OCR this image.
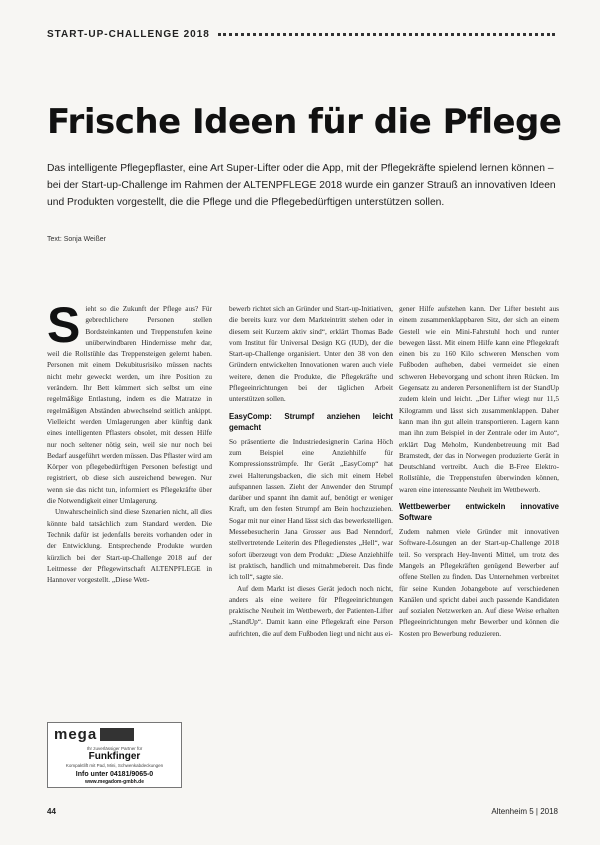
START-UP-CHALLENGE 2018
Frische Ideen für die Pflege

Das intelligente Pflegepflaster, eine Art Super-Lifter oder die App, mit der Pflegekräfte spielend lernen können – bei der Start-up-Challenge im Rahmen der ALTENPFLEGE 2018 wurde ein ganzer Strauß an innovativen Ideen und Produkten vorgestellt, die die Pflege und die Pflegebedürftigen unterstützen sollen.

Text: Sonja Weißer
S ieht so die Zukunft der Pflege aus? Für gebrechlichere Personen stellen Bordsteinkanten und Treppenstufen keine unüberwindbaren Hindernisse mehr dar, weil die Rollstühle das Treppensteigen gelernt haben. Personen mit einem Dekubitusrisiko müssen nachts nicht mehr geweckt werden, um ihre Position zu verändern. Ihr Bett kümmert sich selbst um eine regelmäßige Entlastung, indem es die Matratze in regelmäßigen Abständen abwechselnd seitlich ankippt. Vielleicht werden Umlagerungen aber künftig dank eines intelligenten Pflasters obsolet, mit dessen Hilfe nur noch seltener nötig sein, weil sie nur noch bei Bedarf ausgeführt werden müssen. Das Pflaster wird am Körper von pflegebedürftigen Personen befestigt und registriert, ob diese sich ausreichend bewegen. Nur wenn sie das nicht tun, informiert es Pflegekräfte über die Notwendigkeit einer Umlagerung.

Unwahrscheinlich sind diese Szenarien nicht, all dies könnte bald tatsächlich zum Standard werden. Die Technik dafür ist jedenfalls bereits vorhanden oder in der Entwicklung. Entsprechende Produkte wurden kürzlich bei der Start-up-Challenge 2018 auf der Leitmesse der Pflegewirtschaft ALTENPFLEGE in Hannover vorgestellt. „Diese Wett-

bewerb richtet sich an Gründer und Start-up-Initiativen, die bereits kurz vor dem Markteintritt stehen oder in diesem seit Kurzem aktiv sind“, erklärt Thomas Bade vom Institut für Universal Design KG (IUD), der die Start-up-Challenge organisiert. Unter den 38 von den Gründern entwickelten Innovationen waren auch viele weitere, denen die Produkte, die Pflegekräfte und Pflegeeinrichtungen bei der täglichen Arbeit unterstützen sollen.

EasyComp: Strumpf anziehen leicht gemacht

So präsentierte die Industriedesignerin Carina Höch zum Beispiel eine Anziehhilfe für Kompressionsstrümpfe. Ihr Gerät „EasyComp“ hat zwei Halterungsbacken, die sich mit einem Hebel aufspannen lassen. Zieht der Anwender den Strumpf darüber und spannt ihn damit auf, benötigt er weniger Kraft, um den festen Strumpf am Bein hochzuziehen. Sogar mit nur einer Hand lässt sich das bewerkstelligen. Messebesucherin Jana Grosser aus Bad Nenndorf, stellvertretende Leiterin des Pflegedienstes „Hell“, war sofort überzeugt von dem Produkt: „Diese Anziehhilfe ist praktisch, handlich und mitnahmebereit. Das finde ich toll“, sagte sie.

Auf dem Markt ist dieses Gerät jedoch noch nicht, anders als eine weitere für Pflegeeinrichtungen praktische Neuheit im Wettbewerb, der Patienten-Lifter „StandUp“. Damit kann eine Pflegekraft eine Person aufrichten, die auf dem Fußboden liegt und nicht aus ei-

gener Hilfe aufstehen kann. Der Lifter besteht aus einem zusammenklappbaren Sitz, der sich an einem Gestell wie ein Mini-Fahrstuhl hoch und runter bewegen lässt. Mit einem Hilfe kann eine Pflegekraft einen bis zu 160 Kilo schweren Menschen vom Fußboden aufheben, dabei vermeidet sie einen schweren Hebevorgang und schont ihren Rücken. Im Gegensatz zu anderen Personenliftern ist der StandUp zudem klein und leicht. „Der Lifter wiegt nur 11,5 Kilogramm und lässt sich zusammenklappen. Daher kann man ihn gut allein transportieren. Lagern kann man ihn zum Beispiel in der Zentrale oder im Auto“, erklärt Dag Meholm, Kundenbetreuung mit Bad Bramstedt, der das in Norwegen produzierte Gerät in Deutschland vertreibt. Auch die B-Free Elektro-Rollstühle, die Treppenstufen überwinden können, waren eine interessante Neuheit im Wettbewerb.

Wettbewerber entwickeln innovative Software

Zudem nahmen viele Gründer mit innovativen Software-Lösungen an der Start-up-Challenge 2018 teil. So versprach Hey-Inventi Mittel, um trotz des Mangels an Pflegekräften genügend Bewerber auf offene Stellen zu finden. Das Unternehmen verbreitet für seine Kunden Jobangebote auf verschiedenen Kanälen und spricht dabei auch passende Kandidaten auf sozialen Netzwerken an. Auf diese Weise erhalten Pflegeeinrichtungen mehr Bewerber und können die Kosten pro Bewerbung reduzieren.

mega
Ihr zuverlässiger Partner für
Funkfinger
Kompaktlift mit Pad, Mini, Schwenkabdeckungen
Info unter 04181/9065-0
www.megadom-gmbh.de
44	Altenheim 5 | 2018
